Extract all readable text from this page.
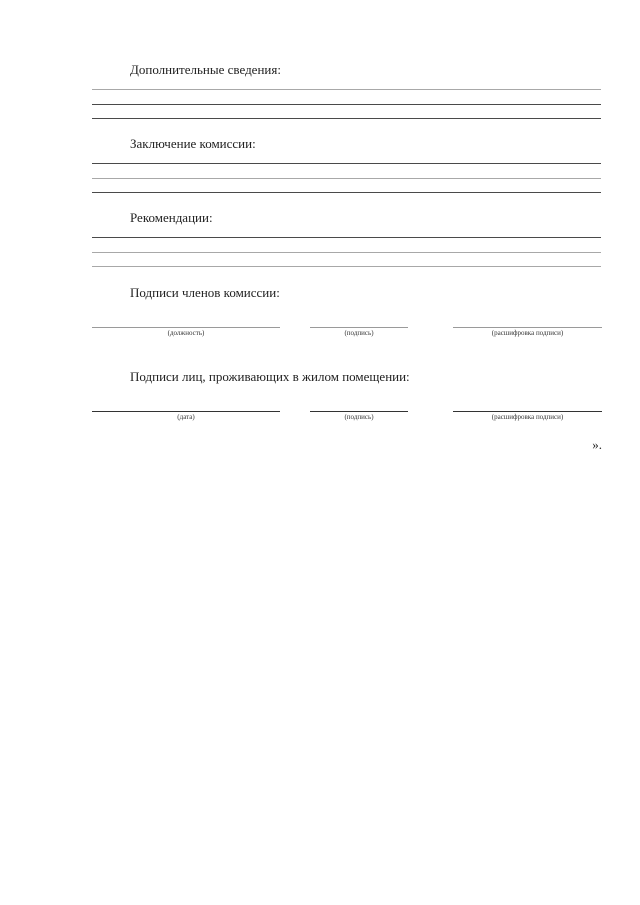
Дополнительные сведения:
Заключение комиссии:
Рекомендации:
Подписи членов комиссии:
(должность)	(подпись)	(расшифровка подписи)
Подписи лиц, проживающих в жилом помещении:
(дата)	(подпись)	(расшифровка подписи)
».
